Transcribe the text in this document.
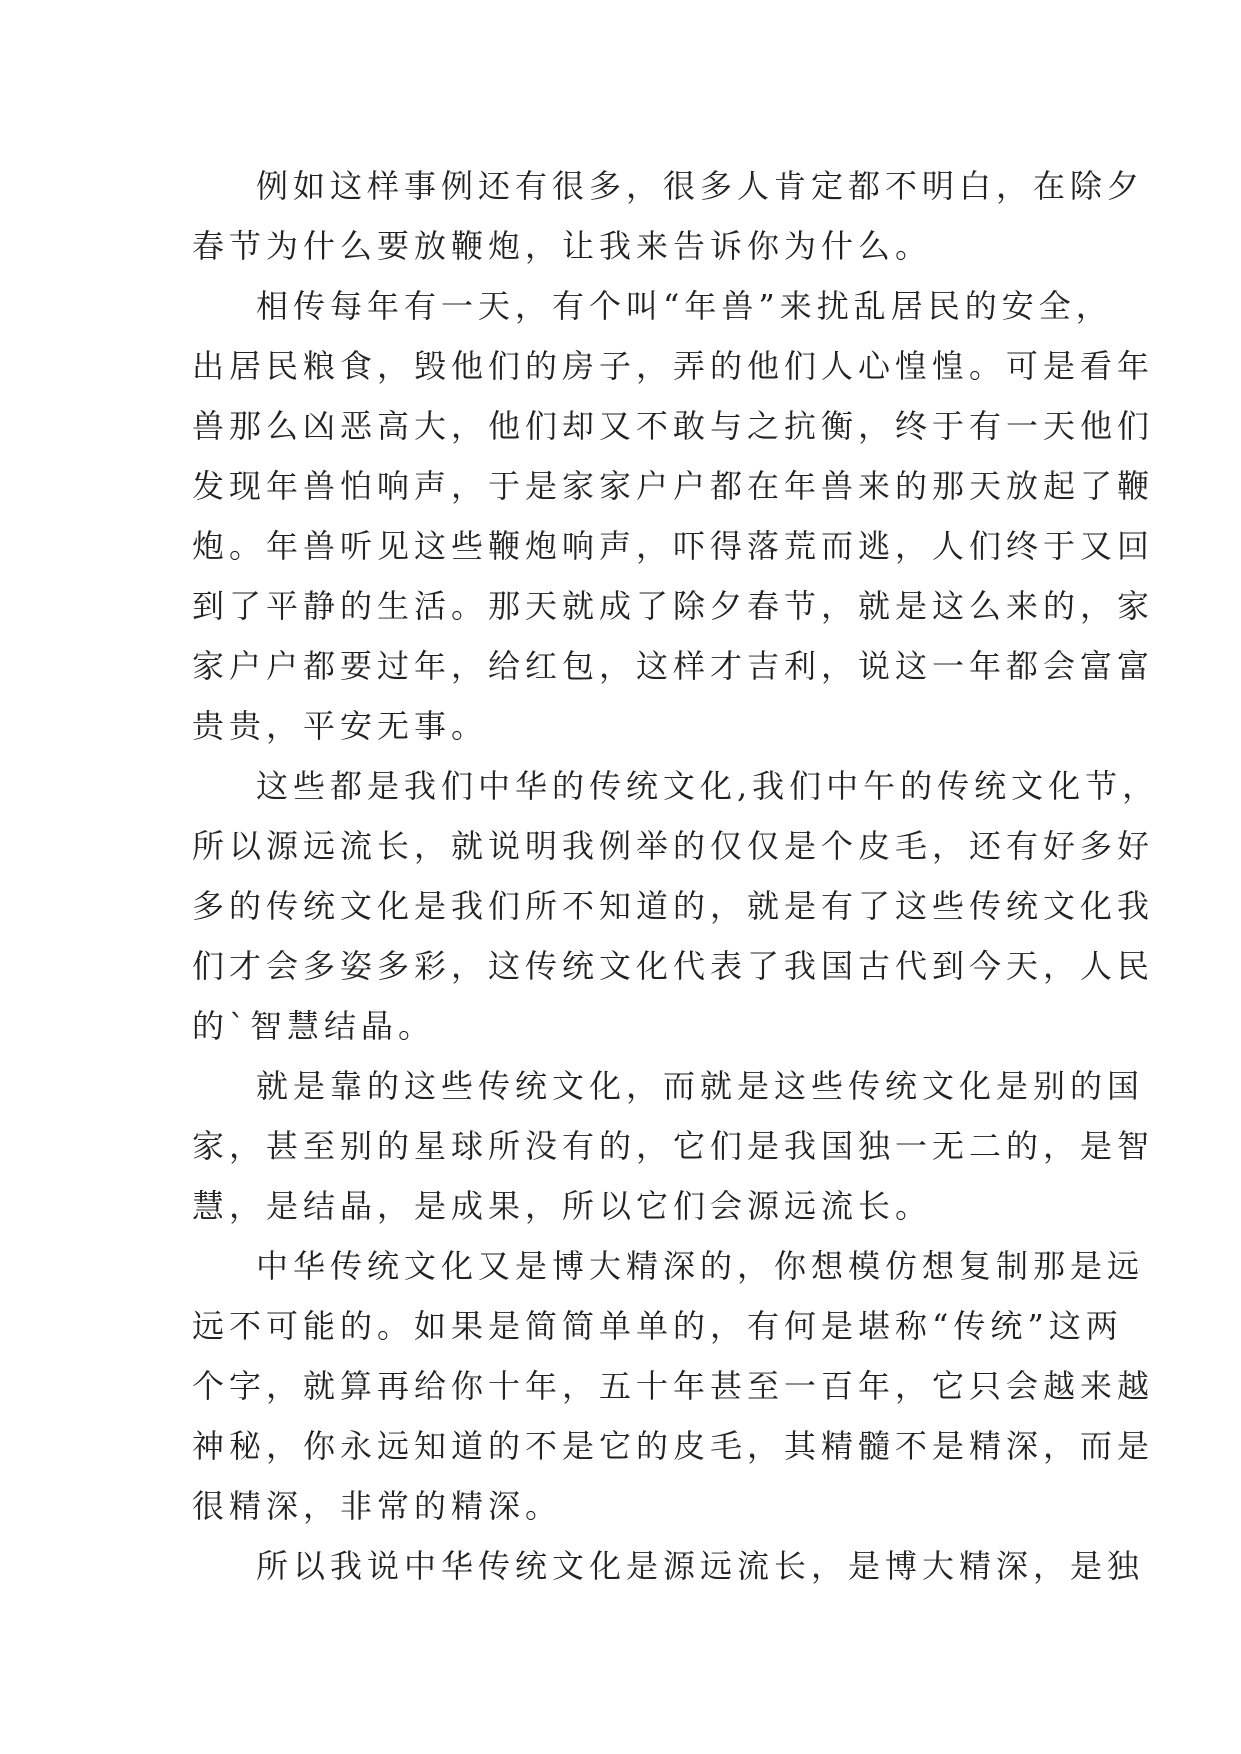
例如这样事例还有很多，很多人肯定都不明白，在除夕
春节为什么要放鞭炮，让我来告诉你为什么。
相传每年有一天，有个叫“年兽”来扰乱居民的安全，
出居民粮食，毁他们的房子，弄的他们人心惶惶。可是看年
兽那么凶恶高大，他们却又不敢与之抗衡，终于有一天他们
发现年兽怕响声，于是家家户户都在年兽来的那天放起了鞭
炮。年兽听见这些鞭炮响声，吓得落荒而逃，人们终于又回
到了平静的生活。那天就成了除夕春节，就是这么来的，家
家户户都要过年，给红包，这样才吉利，说这一年都会富富
贵贵，平安无事。
这些都是我们中华的传统文化,我们中午的传统文化节，
所以源远流长，就说明我例举的仅仅是个皮毛，还有好多好
多的传统文化是我们所不知道的，就是有了这些传统文化我
们才会多姿多彩，这传统文化代表了我国古代到今天，人民
的`智慧结晶。
就是靠的这些传统文化，而就是这些传统文化是别的国
家，甚至别的星球所没有的，它们是我国独一无二的，是智
慧，是结晶，是成果，所以它们会源远流长。
中华传统文化又是博大精深的，你想模仿想复制那是远
远不可能的。如果是简简单单的，有何是堪称“传统”这两
个字，就算再给你十年，五十年甚至一百年，它只会越来越
神秘，你永远知道的不是它的皮毛，其精髓不是精深，而是
很精深，非常的精深。
所以我说中华传统文化是源远流长，是博大精深，是独
